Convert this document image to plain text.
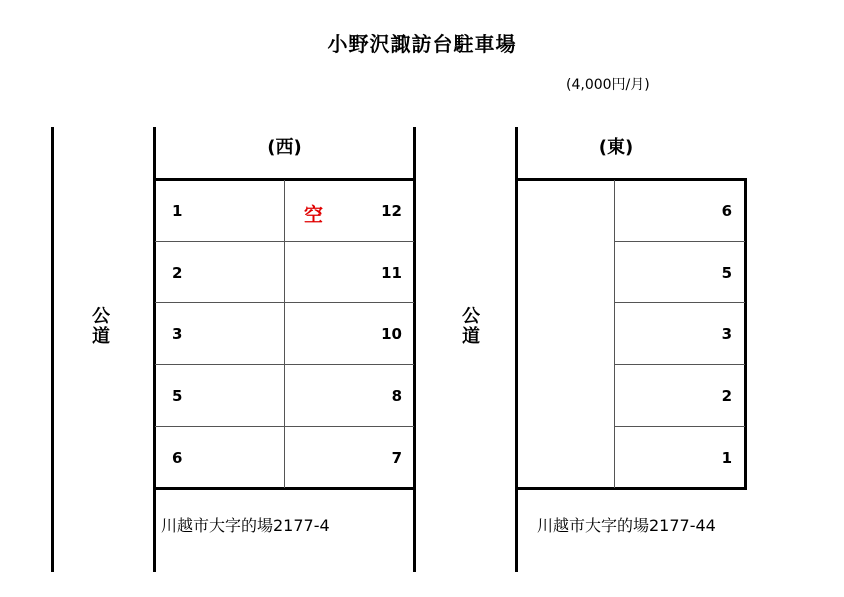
小野沢諏訪台駐車場
(4,000円/月)
公道	公道
(西)	(東)
1	空	12
2	11
3	10
5	8
6	7
6
5
3
2
1
川越市大字的場2177-4	川越市大字的場2177-44
